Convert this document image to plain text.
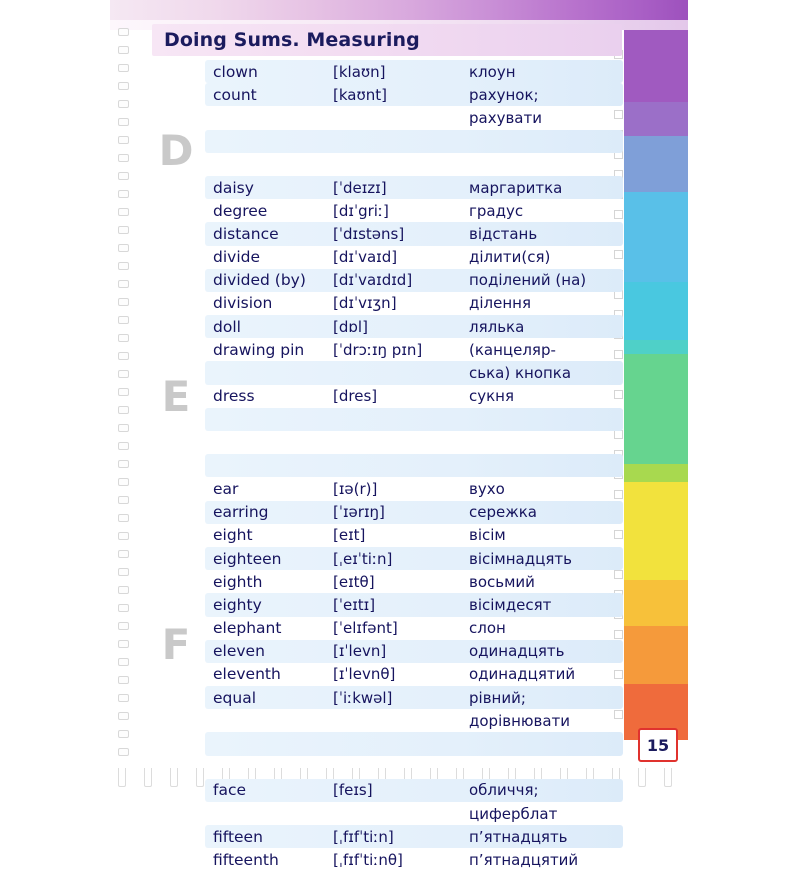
Doing Sums. Measuring
clown	[klaʊn]	клоун
count	[kaʊnt]	рахунок;
рахувати
daisy	[ˈdeɪzɪ]	маргаритка
degree	[dɪˈgriː]	градус
distance	[ˈdɪstəns]	відстань
divide	[dɪˈvaɪd]	ділити(ся)
divided (by)	[dɪˈvaɪdɪd]	поділений (на)
division	[dɪˈvɪʒn]	ділення
doll	[dɒl]	лялька
drawing pin	[ˈdrɔːɪŋ pɪn]	(канцеляр-
ська) кнопка
dress	[dres]	сукня
ear	[ɪə(r)]	вухо
earring	[ˈɪərɪŋ]	сережка
eight	[eɪt]	вісім
eighteen	[ˌeɪˈtiːn]	вісімнадцять
eighth	[eɪtθ]	восьмий
eighty	[ˈeɪtɪ]	вісімдесят
elephant	[ˈelɪfənt]	слон
eleven	[ɪˈlevn]	одинадцять
eleventh	[ɪˈlevnθ]	одинадцятий
equal	[ˈiːkwəl]	рівний;
дорівнювати
face	[feɪs]	обличчя;
циферблат
fifteen	[ˌfɪfˈtiːn]	п’ятнадцять
fifteenth	[ˌfɪfˈtiːnθ]	п’ятнадцятий
D
E
F
15
